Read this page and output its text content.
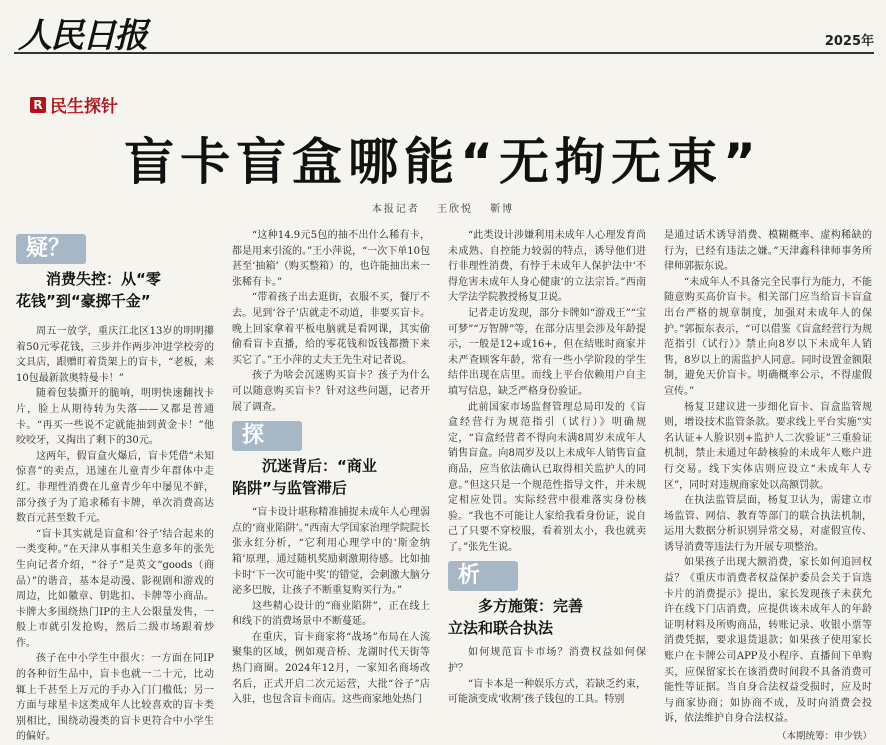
人民日报	2025年
R 民生探针
盲卡盲盒哪能“无拘无束”
本报记者 王欣悦 靳博
疑？
消费失控：从“零
花钱”到“豪掷千金”

周五一放学，重庆江北区13岁的明明攥着50元零花钱，三步并作两步冲进学校旁的文具店，跟赠盯着货架上的盲卡，“老板，来10包最新款奥特曼卡！”

随着包装撕开的脆响，明明快速翻找卡片，脸上从期待转为失落——又都是普通卡。“再买一些说不定就能抽到黄金卡！”他咬咬牙，又掏出了剩下的30元。

这两年，假盲盒火爆后，盲卡凭借“未知惊喜”的卖点，迅速在儿童青少年群体中走红。非理性消费在儿童青少年中屡见不鲜，部分孩子为了追求稀有卡牌，单次消费高达数百元甚至数千元。

“盲卡其实就是盲盒和‘谷子’结合起来的一类变种。”在天津从事相关生意多年的张先生向记者介绍，“谷子”是英文“goods（商品）”的谐音，基本是动漫、影视剧和游戏的周边，比如徽章、钥匙扣、卡牌等小商品。卡牌大多围绕热门IP的主人公限量发售，一般上市就引发抢购，然后二级市场跟着炒作。

孩子在中小学生中很火：一方面在同IP的各种衍生品中，盲卡也就一二十元，比动辄上千甚至上万元的手办入门门槛低；另一方面与球星卡这类成年人比较喜欢的盲卡类别相比，围绕动漫类的盲卡更符合中小学生的偏好。

“这种14.9元5包的抽不出什么稀有卡，都是用来引流的。”王小萍说，“一次下单10包甚至‘抽箱’（购买整箱）的，也许能抽出来一张稀有卡。”

“带着孩子出去逛街，衣服不买，餐厅不去。见到‘谷子’店就走不动道，非要买盲卡。晚上回家拿着平板电脑就是看网课，其实偷偷看盲卡直播，给的零花钱和饭钱都攒下来买它了。”王小萍的丈夫王先生对记者说。

孩子为啥会沉迷购买盲卡？孩子为什么可以随意购买盲卡？针对这些问题，记者开展了调查。

探
沉迷背后：“商业
陷阱”与监管滞后

“盲卡设计堪称精准捕捉未成年人心理弱点的‘商业陷阱’。”西南大学国家治理学院院长张永红分析，“它利用心理学中的‘斯金纳箱’原理，通过随机奖励刺激期待感。比如抽卡时‘下一次可能中奖’的错觉，会刺激大脑分泌多巴胺，让孩子不断重复购买行为。”

这些精心设计的“商业陷阱”，正在线上和线下的消费场景中不断蔓延。

在重庆，盲卡商家将“战场”布局在人流聚集的区域，例如观音桥、龙湖时代天街等热门商圈。2024年12月，一家知名商场改名后，正式开启二次元运营，大批“谷子”店入驻，也包含盲卡商店。这些商家地处热门

“此类设计涉嫌利用未成年人心理发育尚未成熟、自控能力较弱的特点，诱导他们进行非理性消费，有悖于未成年人保护法中‘不得危害未成年人身心健康’的立法宗旨。”西南大学法学院教授杨复卫说。

记者走访发现，部分卡牌如“游戏王”“宝可梦”“万智牌”等，在部分店里会涉及年龄提示，一般是12+或16+，但在结账时商家并未严查顾客年龄，常有一些小学阶段的学生结伴出现在店里。而线上平台依赖用户自主填写信息，缺乏严格身份验证。

此前国家市场监督管理总局印发的《盲盒经营行为规范指引（试行）》明确规定，“盲盒经营者不得向未满8周岁未成年人销售盲盒。向8周岁及以上未成年人销售盲盒商品，应当依法确认已取得相关监护人的同意。”但这只是一个规范性指导文件，并未规定相应处罚。实际经营中很难落实身份核验。“我也不可能让人家给我看身份证，说自己了只要不穿校服，看着别太小，我也就卖了。”张先生说。

析
多方施策：完善
立法和联合执法

如何规范盲卡市场？消费权益如何保护？

“盲卡本是一种娱乐方式，若缺乏约束，可能演变成‘收割’孩子钱包的工具。特别

是通过话术诱导消费、模糊概率、虚构稀缺的行为，已经有违法之嫌。”天津鑫科律师事务所律师郭振东说。

“未成年人不具备完全民事行为能力，不能随意购买高价盲卡。相关部门应当给盲卡盲盒出台严格的规章制度，加强对未成年人的保护。”郭振东表示，“可以借鉴《盲盒经营行为规范指引（试行）》禁止向8岁以下未成年人销售，8岁以上的需监护人同意。同时设置金额限制，避免天价盲卡。明确概率公示，不得虚假宣传。”

杨复卫建议进一步细化盲卡、盲盒监管规则，增设技术监管条款。要求线上平台实施“实名认证+人脸识别+监护人二次验证”三重验证机制，禁止未通过年龄核验的未成年人账户进行交易。线下实体店则应设立“未成年人专区”，同时对违规商家处以高额罚款。

在执法监管层面，杨复卫认为，需建立市场监管、网信、教育等部门的联合执法机制，运用大数据分析识别异常交易，对虚假宣传、诱导消费等违法行为开展专项整治。

如果孩子出现大额消费，家长如何追回权益？《重庆市消费者权益保护委员会关于盲选卡片的消费提示》提出，家长发现孩子未获允许在线下门店消费，应提供该未成年人的年龄证明材料及所购商品，转账记录、收银小票等消费凭据，要求退货退款；如果孩子使用家长账户在卡牌公司APP及小程序、直播间下单购买，应保留家长在该消费时间段不具备消费可能性等证据。当自身合法权益受损时，应及时与商家协商；如协商不成，及时向消费会投诉，依法维护自身合法权益。

（本期统筹：申少铁）
